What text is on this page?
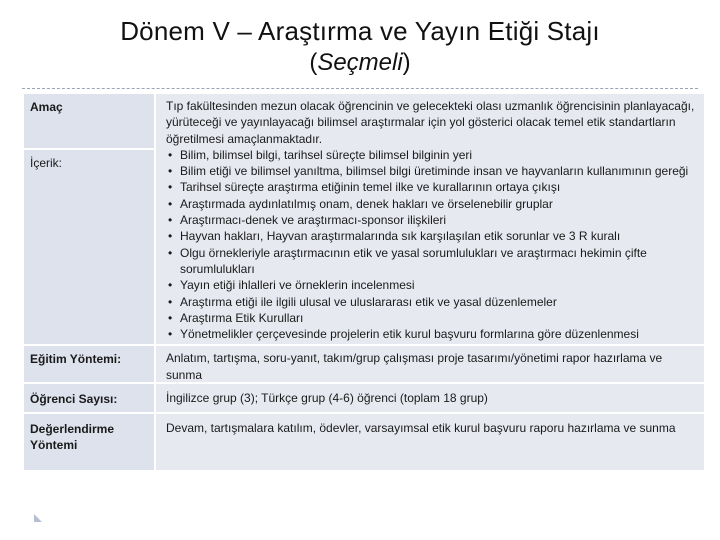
Dönem V – Araştırma ve Yayın Etiği Stajı
(Seçmeli)
Amaç
İçerik:
Tıp fakültesinden mezun olacak öğrencinin ve gelecekteki olası uzmanlık öğrencisinin planlayacağı, yürüteceği ve yayınlayacağı bilimsel araştırmalar için yol gösterici olacak temel etik standartların öğretilmesi amaçlanmaktadır.
• Bilim, bilimsel bilgi, tarihsel süreçte bilimsel bilginin yeri
• Bilim etiği ve bilimsel yanıltma, bilimsel bilgi üretiminde insan ve hayvanların kullanımının gereği
• Tarihsel süreçte araştırma etiğinin temel ilke ve kurallarının ortaya çıkışı
• Araştırmada aydınlatılmış onam, denek hakları ve örselenebilir gruplar
• Araştırmacı-denek ve araştırmacı-sponsor ilişkileri
• Hayvan hakları, Hayvan araştırmalarında sık karşılaşılan etik sorunlar ve 3 R kuralı
• Olgu örnekleriyle araştırmacının etik ve yasal sorumlulukları ve araştırmacı hekimin çifte sorumlulukları
• Yayın etiği ihlalleri ve örneklerin incelenmesi
• Araştırma etiği ile ilgili ulusal ve uluslararası etik ve yasal düzenlemeler
• Araştırma Etik Kurulları
• Yönetmelikler çerçevesinde projelerin etik kurul başvuru formlarına göre düzenlenmesi
Eğitim Yöntemi:	Anlatım, tartışma, soru-yanıt, takım/grup çalışması proje tasarımı/yönetimi rapor hazırlama ve sunma
Öğrenci Sayısı:	İngilizce grup (3); Türkçe grup (4-6) öğrenci (toplam 18 grup)
Değerlendirme Yöntemi
Devam, tartışmalara katılım, ödevler, varsayımsal etik kurul başvuru raporu hazırlama ve sunma
